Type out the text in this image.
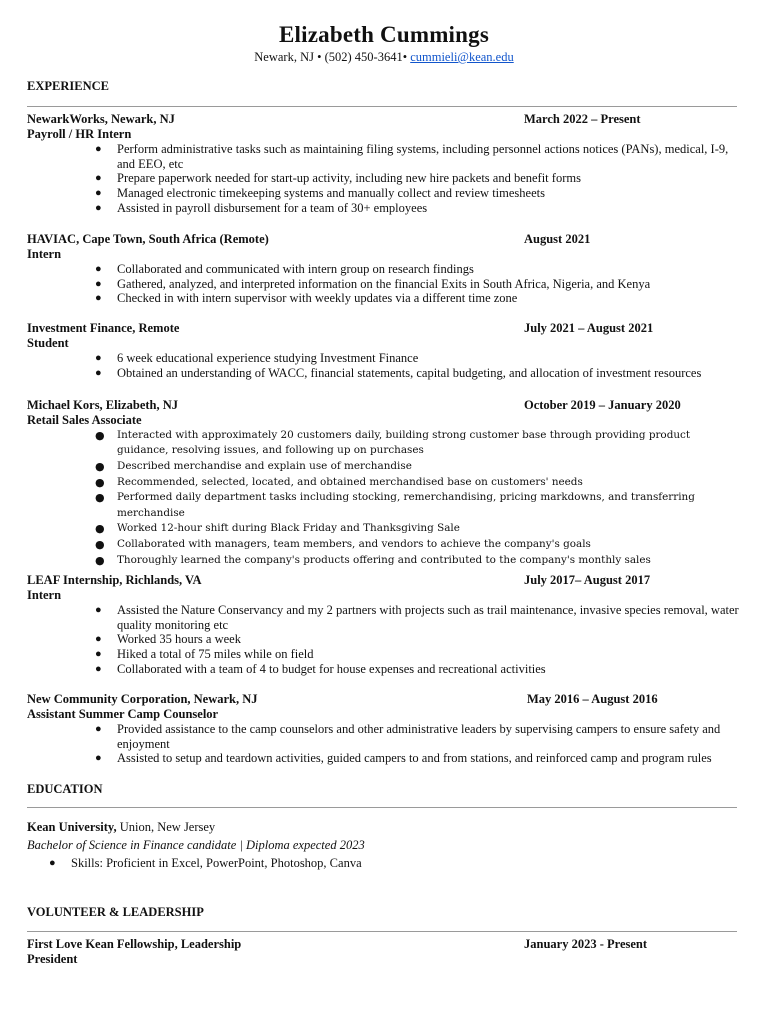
Elizabeth Cummings
Newark, NJ • (502) 450-3641• cummieli@kean.edu
EXPERIENCE
NewarkWorks, Newark, NJ	March 2022 – Present
Payroll / HR Intern
● Perform administrative tasks such as maintaining filing systems, including personnel actions notices (PANs), medical, I-9, and EEO, etc
● Prepare paperwork needed for start-up activity, including new hire packets and benefit forms
● Managed electronic timekeeping systems and manually collect and review timesheets
● Assisted in payroll disbursement for a team of 30+ employees
HAVIAC, Cape Town, South Africa (Remote)	August 2021
Intern
● Collaborated and communicated with intern group on research findings
● Gathered, analyzed, and interpreted information on the financial Exits in South Africa, Nigeria, and Kenya
● Checked in with intern supervisor with weekly updates via a different time zone
Investment Finance, Remote	July 2021 – August 2021
Student
● 6 week educational experience studying Investment Finance
● Obtained an understanding of WACC, financial statements, capital budgeting, and allocation of investment resources
Michael Kors, Elizabeth, NJ	October 2019 – January 2020
Retail Sales Associate
● Interacted with approximately 20 customers daily, building strong customer base through providing product guidance, resolving issues, and following up on purchases
● Described merchandise and explain use of merchandise
● Recommended, selected, located, and obtained merchandised base on customers' needs
● Performed daily department tasks including stocking, remerchandising, pricing markdowns, and transferring merchandise
● Worked 12-hour shift during Black Friday and Thanksgiving Sale
● Collaborated with managers, team members, and vendors to achieve the company's goals
● Thoroughly learned the company's products offering and contributed to the company's monthly sales
LEAF Internship, Richlands, VA	July 2017– August 2017
Intern
● Assisted the Nature Conservancy and my 2 partners with projects such as trail maintenance, invasive species removal, water quality monitoring etc
● Worked 35 hours a week
● Hiked a total of 75 miles while on field
● Collaborated with a team of 4 to budget for house expenses and recreational activities
New Community Corporation, Newark, NJ	May 2016 – August 2016
Assistant Summer Camp Counselor
● Provided assistance to the camp counselors and other administrative leaders by supervising campers to ensure safety and enjoyment
● Assisted to setup and teardown activities, guided campers to and from stations, and reinforced camp and program rules
EDUCATION
Kean University, Union, New Jersey
Bachelor of Science in Finance candidate | Diploma expected 2023
● Skills: Proficient in Excel, PowerPoint, Photoshop, Canva
VOLUNTEER & LEADERSHIP
First Love Kean Fellowship, Leadership	January 2023 - Present
President
